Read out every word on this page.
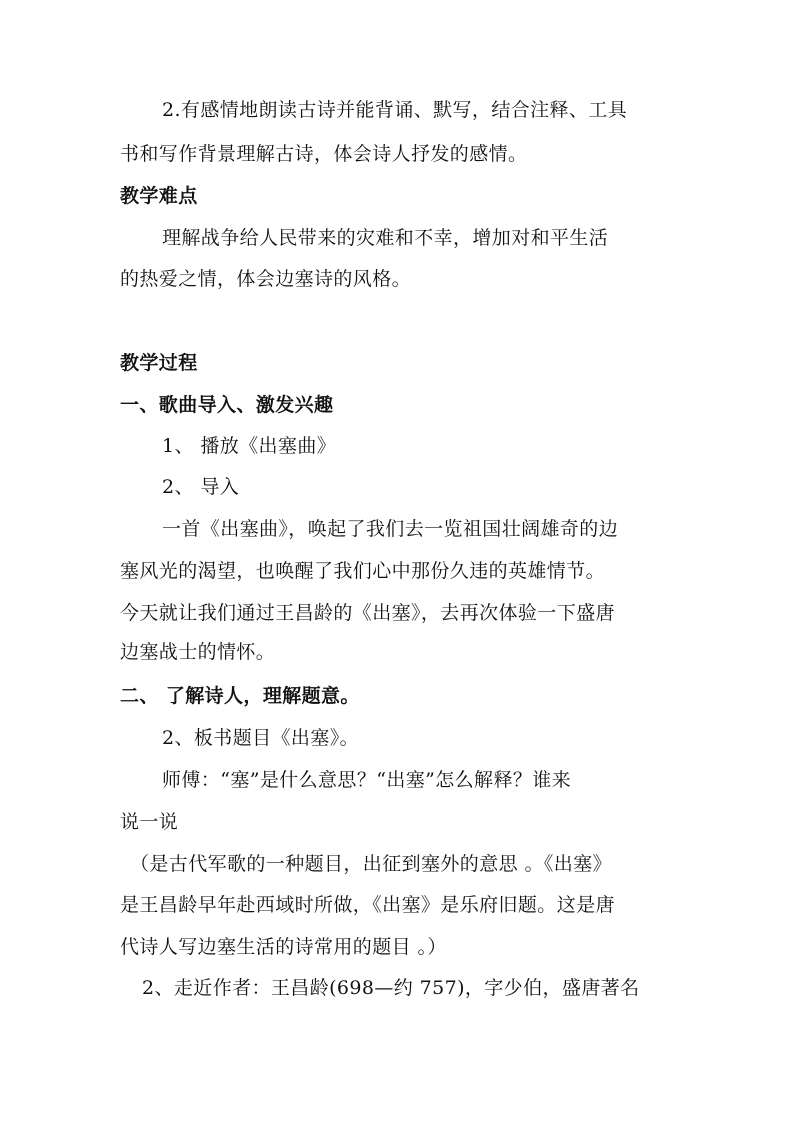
2.有感情地朗读古诗并能背诵、默写，结合注释、工具
书和写作背景理解古诗，体会诗人抒发的感情。
教学难点
理解战争给人民带来的灾难和不幸，增加对和平生活
的热爱之情，体会边塞诗的风格。
教学过程
一、歌曲导入、激发兴趣
1、 播放《出塞曲》
2、 导入
一首《出塞曲》，唤起了我们去一览祖国壮阔雄奇的边
塞风光的渴望，也唤醒了我们心中那份久违的英雄情节。
今天就让我们通过王昌龄的《出塞》，去再次体验一下盛唐
边塞战士的情怀。
二、 了解诗人，理解题意。
2、板书题目《出塞》。
师傅：“塞”是什么意思？“出塞”怎么解释？谁来
说一说
（是古代军歌的一种题目，出征到塞外的意思 。《出塞》
是王昌龄早年赴西域时所做，《出塞》是乐府旧题。这是唐
代诗人写边塞生活的诗常用的题目 。）
2、走近作者：王昌龄(698—约 757)，字少伯，盛唐著名
